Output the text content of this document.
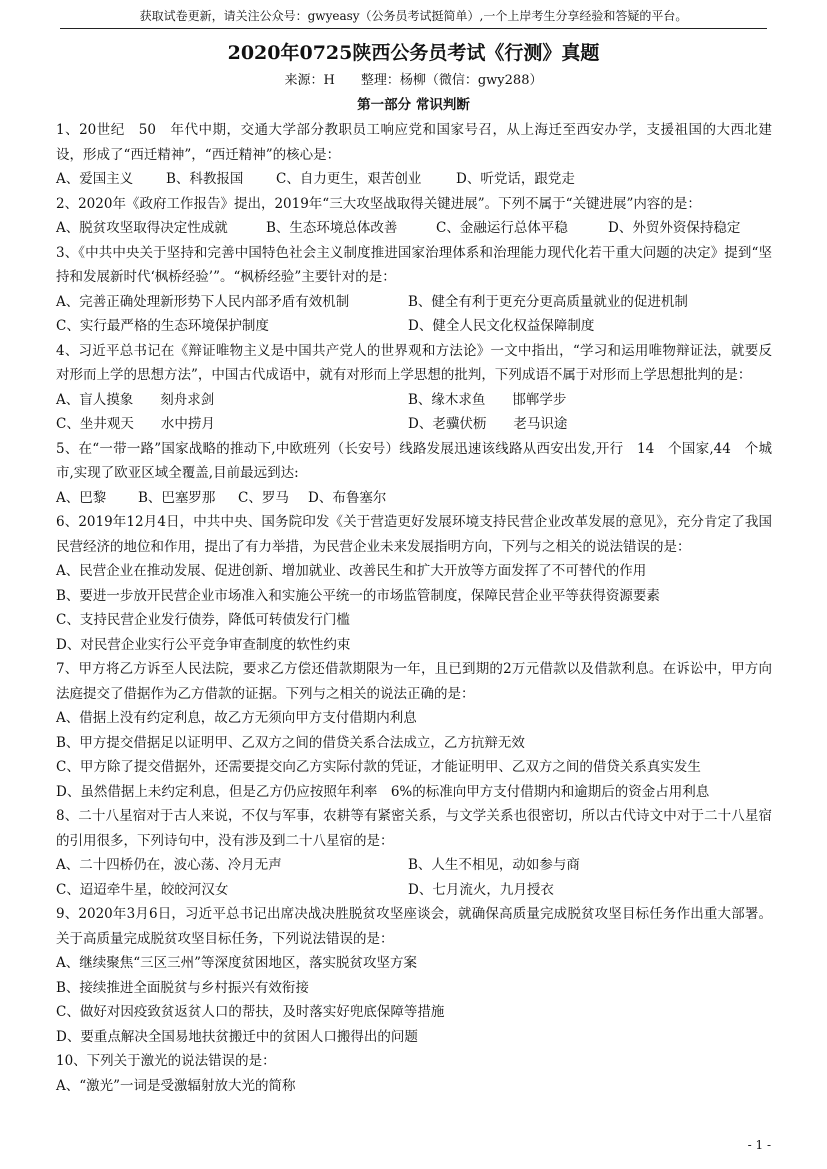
获取试卷更新，请关注公众号：gwyeasy（公务员考试挺简单）,一个上岸考生分享经验和答疑的平台。
2020年0725陕西公务员考试《行测》真题
来源：H　　整理：杨柳（微信：gwy288）
第一部分 常识判断

1、20世纪　50　年代中期，交通大学部分教职员工响应党和国家号召，从上海迁至西安办学，支援祖国的大西北建设，形成了“西迁精神”，“西迁精神”的核心是：

A、爱国主义	B、科教报国	C、自力更生，艰苦创业	D、听党话，跟党走

2、2020年《政府工作报告》提出，2019年“三大攻坚战取得关键进展”。下列不属于“关键进展”内容的是：

A、脱贫攻坚取得决定性成就	B、生态环境总体改善	C、金融运行总体平稳	D、外贸外资保持稳定

3、《中共中央关于坚持和完善中国特色社会主义制度推进国家治理体系和治理能力现代化若干重大问题的决定》提到“坚持和发展新时代‘枫桥经验’”。“枫桥经验”主要针对的是：

A、完善正确处理新形势下人民内部矛盾有效机制	B、健全有利于更充分更高质量就业的促进机制
C、实行最严格的生态环境保护制度	D、健全人民文化权益保障制度

4、习近平总书记在《辩证唯物主义是中国共产党人的世界观和方法论》一文中指出，“学习和运用唯物辩证法，就要反对形而上学的思想方法”，中国古代成语中，就有对形而上学思想的批判，下列成语不属于对形而上学思想批判的是：

A、盲人摸象　　刻舟求剑	B、缘木求鱼　　邯郸学步
C、坐井观天　　水中捞月	D、老骥伏枥　　老马识途

5、在“一带一路”国家战略的推动下,中欧班列（长安号）线路发展迅速该线路从西安出发,开行　14　个国家,44　个城市,实现了欧亚区域全覆盖,目前最远到达:

A、巴黎	B、巴塞罗那	C、罗马	D、布鲁塞尔

6、2019年12月4日，中共中央、国务院印发《关于营造更好发展环境支持民营企业改革发展的意见》，充分肯定了我国民营经济的地位和作用，提出了有力举措，为民营企业未来发展指明方向，下列与之相关的说法错误的是：

A、民营企业在推动发展、促进创新、增加就业、改善民生和扩大开放等方面发挥了不可替代的作用

B、要进一步放开民营企业市场准入和实施公平统一的市场监管制度，保障民营企业平等获得资源要素

C、支持民营企业发行债券，降低可转债发行门槛

D、对民营企业实行公平竞争审查制度的软性约束

7、甲方将乙方诉至人民法院，要求乙方偿还借款期限为一年，且已到期的2万元借款以及借款利息。在诉讼中，甲方向法庭提交了借据作为乙方借款的证据。下列与之相关的说法正确的是：

A、借据上没有约定利息，故乙方无须向甲方支付借期内利息

B、甲方提交借据足以证明甲、乙双方之间的借贷关系合法成立，乙方抗辩无效

C、甲方除了提交借据外，还需要提交向乙方实际付款的凭证，才能证明甲、乙双方之间的借贷关系真实发生

D、虽然借据上未约定利息，但是乙方仍应按照年利率　6%的标准向甲方支付借期内和逾期后的资金占用利息

8、二十八星宿对于古人来说，不仅与军事，农耕等有紧密关系，与文学关系也很密切，所以古代诗文中对于二十八星宿的引用很多，下列诗句中，没有涉及到二十八星宿的是：

A、二十四桥仍在，波心荡、冷月无声	B、人生不相见，动如参与商
C、迢迢牵牛星，皎皎河汉女	D、七月流火，九月授衣

9、2020年3月6日，习近平总书记出席决战决胜脱贫攻坚座谈会，就确保高质量完成脱贫攻坚目标任务作出重大部署。关于高质量完成脱贫攻坚目标任务，下列说法错误的是：

A、继续聚焦“三区三州”等深度贫困地区，落实脱贫攻坚方案

B、接续推进全面脱贫与乡村振兴有效衔接

C、做好对因疫致贫返贫人口的帮扶，及时落实好兜底保障等措施

D、要重点解决全国易地扶贫搬迁中的贫困人口搬得出的问题

10、下列关于激光的说法错误的是：

A、“激光”一词是受激辐射放大光的简称

- 1 -
